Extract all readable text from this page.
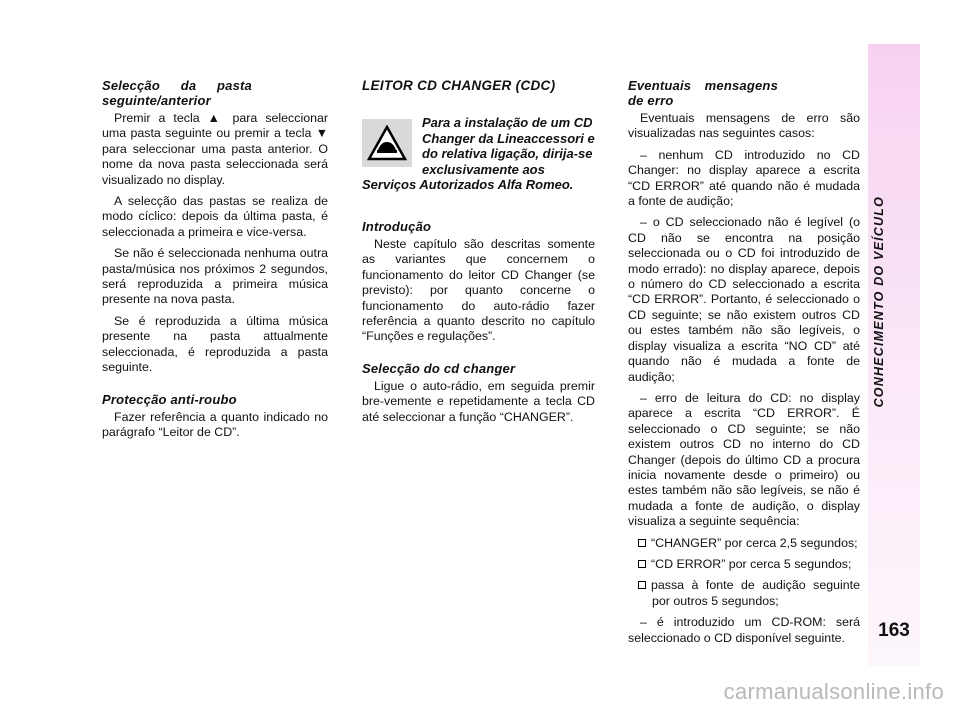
Selecção da pasta seguinte/anterior

Premir a tecla ▲ para seleccionar uma pasta seguinte ou premir a tecla ▼ para seleccionar uma pasta anterior. O nome da nova pasta seleccionada será visualizado no display.

A selecção das pastas se realiza de modo cíclico: depois da última pasta, é seleccionada a primeira e vice-versa.

Se não é seleccionada nenhuma outra pasta/música nos próximos 2 segundos, será reproduzida a primeira música presente na nova pasta.

Se é reproduzida a última música presente na pasta attualmente seleccionada, é reproduzida a pasta seguinte.

Protecção anti-roubo

Fazer referência a quanto indicado no parágrafo “Leitor de CD”.

LEITOR CD CHANGER (CDC)
Para a instalação de um CD Changer da Lineaccessori e do relativa ligação, dirija-se exclusivamente aos Serviços Autorizados Alfa Romeo.
Introdução

Neste capítulo são descritas somente as variantes que concernem o funcionamento do leitor CD Changer (se previsto): por quanto concerne o funcionamento do auto-rádio fazer referência a quanto descrito no capítulo “Funções e regulações”.

Selecção do cd changer

Ligue o auto-rádio, em seguida premir bre-vemente e repetidamente a tecla CD até seleccionar a função “CHANGER”.

Eventuais mensagens de erro

Eventuais mensagens de erro são visualizadas nas seguintes casos:

– nenhum CD introduzido no CD Changer: no display aparece a escrita “CD ERROR” até quando não é mudada a fonte de audição;

– o CD seleccionado não é legível (o CD não se encontra na posição seleccionada ou o CD foi introduzido de modo errado): no display aparece, depois o número do CD seleccionado a escrita “CD ERROR”. Portanto, é seleccionado o CD seguinte; se não existem outros CD ou estes também não são legíveis, o display visualiza a escrita “NO CD” até quando não é mudada a fonte de audição;

– erro de leitura do CD: no display aparece a escrita “CD ERROR”. É seleccionado o CD seguinte; se não existem outros CD no interno do CD Changer (depois do último CD a procura inicia novamente desde o primeiro) ou estes também não são legíveis, se não é mudada a fonte de audição, o display visualiza a seguinte sequência:

“CHANGER” por cerca 2,5 segundos;
“CD ERROR” por cerca 5 segundos;
passa à fonte de audição seguinte por outros 5 segundos;

– é introduzido um CD-ROM: será seleccionado o CD disponível seguinte.

CONHECIMENTO DO VEÍCULO
163
carmanualsonline.info
